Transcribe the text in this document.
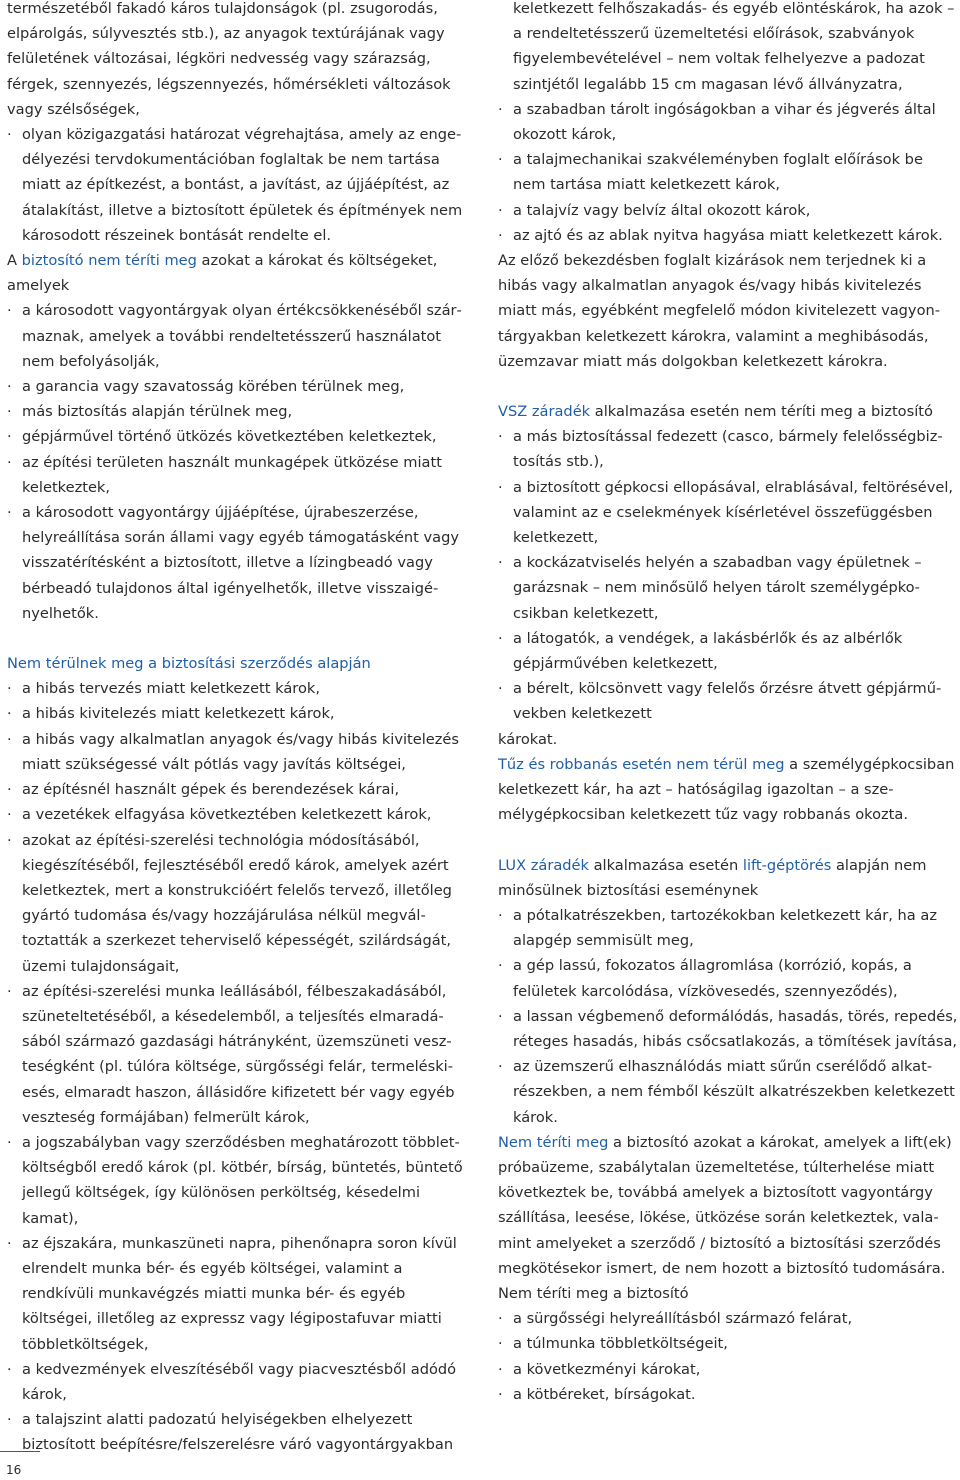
természetéből fakadó káros tulajdonságok (pl. zsugorodás, elpárolgás, súlyvesztés stb.), az anyagok textúrájának vagy felületének változásai, légköri nedvesség vagy szárazság, férgek, szennyezés, légszennyezés, hőmérsékleti változások vagy szélsőségek,

· olyan közigazgatási határozat végrehajtása, amely az engedélyezési tervdokumentációban foglaltak be nem tartása miatt az építkezést, a bontást, a javítást, az újjáépítést, az átalakítást, illetve a biztosított épületek és építmények nem károsodott részeinek bontását rendelte el.

A biztosító nem téríti meg azokat a károkat és költségeket, amelyek

· a károsodott vagyontárgyak olyan értékcsökkenéséből származnak, amelyek a további rendeltetésszerű használatot nem befolyásolják,
· a garancia vagy szavatosság körében térülnek meg,
· más biztosítás alapján térülnek meg,
· gépjárművel történő ütközés következtében keletkeztek,
· az építési területen használt munkagépek ütközése miatt keletkeztek,
· a károsodott vagyontárgy újjáépítése, újrabeszerzése, helyreállítása során állami vagy egyéb támogatásként vagy visszatérítésként a biztosított, illetve a lízingbeadó vagy bérbeadó tulajdonos által igényelhetők, illetve visszaigényelhetők.

Nem térülnek meg a biztosítási szerződés alapján

· a hibás tervezés miatt keletkezett károk,
· a hibás kivitelezés miatt keletkezett károk,
· a hibás vagy alkalmatlan anyagok és/vagy hibás kivitelezés miatt szükségessé vált pótlás vagy javítás költségei,
· az építésnél használt gépek és berendezések kárai,
· a vezetékek elfagyása következtében keletkezett károk,
· azokat az építési-szerelési technológia módosításából, kiegészítéséből, fejlesztéséből eredő károk, amelyek azért keletkeztek, mert a konstrukcióért felelős tervező, illetőleg gyártó tudomása és/vagy hozzájárulása nélkül megváltoztatták a szerkezet teherviselő képességét, szilárdságát, üzemi tulajdonságait,
· az építési-szerelési munka leállásából, félbeszakadásából, szüneteltetéséből, a késedelemből, a teljesítés elmaradásából származó gazdasági hátrányként, üzemszüneti veszteségként (pl. túlóra költsége, sürgősségi felár, termeléskiesés, elmaradt haszon, állásidőre kifizetett bér vagy egyéb veszteség formájában) felmerült károk,
· a jogszabályban vagy szerződésben meghatározott többletköltségből eredő károk (pl. kötbér, bírság, büntetés, büntető jellegű költségek, így különösen perköltség, késedelmi kamat),
· az éjszakára, munkaszüneti napra, pihenőnapra soron kívül elrendelt munka bér- és egyéb költségei, valamint a rendkívüli munkavégzés miatti munka bér- és egyéb költségei, illetőleg az expressz vagy légipostafuvar miatti többletköltségek,
· a kedvezmények elveszítéséből vagy piacvesztésből adódó károk,
· a talajszint alatti padozatú helyiségekben elhelyezett biztosított beépítésre/felszerelésre váró vagyontárgyakban
keletkezett felhőszakadás- és egyéb elöntéskárok, ha azok – a rendeltetésszerű üzemeltetési előírások, szabványok figyelembevételével – nem voltak felhelyezve a padozat szintjétől legalább 15 cm magasan lévő állványzatra,
· a szabadban tárolt ingóságokban a vihar és jégverés által okozott károk,
· a talajmechanikai szakvéleményben foglalt előírások be nem tartása miatt keletkezett károk,
· a talajvíz vagy belvíz által okozott károk,
· az ajtó és az ablak nyitva hagyása miatt keletkezett károk.

Az előző bekezdésben foglalt kizárások nem terjednek ki a hibás vagy alkalmatlan anyagok és/vagy hibás kivitelezés miatt más, egyébként megfelelő módon kivitelezett vagyontárgyakban keletkezett károkra, valamint a meghibásodás, üzemzavar miatt más dolgokban keletkezett károkra.

VSZ záradék alkalmazása esetén nem téríti meg a biztosító

· a más biztosítással fedezett (casco, bármely felelősségbiztosítás stb.),
· a biztosított gépkocsi ellopásával, elrablásával, feltörésével, valamint az e cselekmények kísérletével összefüggésben keletkezett,
· a kockázatviselés helyén a szabadban vagy épületnek – garázsnak – nem minősülő helyen tárolt személygépkocsikban keletkezett,
· a látogatók, a vendégek, a lakásbérlők és az albérlők gépjárművében keletkezett,
· a bérelt, kölcsönvett vagy felelős őrzésre átvett gépjárművekben keletkezett

károkat.

Tűz és robbanás esetén nem térül meg a személygépkocsiban keletkezett kár, ha azt – hatóságilag igazoltan – a személygépkocsiban keletkezett tűz vagy robbanás okozta.

LUX záradék alkalmazása esetén lift-géptörés alapján nem minősülnek biztosítási eseménynek

· a pótalkatrészekben, tartozékokban keletkezett kár, ha az alapgép semmisült meg,
· a gép lassú, fokozatos állagromlása (korrózió, kopás, a felületek karcolódása, vízkövesedés, szennyeződés),
· a lassan végbemenő deformálódás, hasadás, törés, repedés, réteges hasadás, hibás csőcsatlakozás, a tömítések javítása,
· az üzemszerű elhasználódás miatt sűrűn cserélődő alkatrészekben, a nem fémből készült alkatrészekben keletkezett károk.

Nem téríti meg a biztosító azokat a károkat, amelyek a lift(ek) próbaüzeme, szabálytalan üzemeltetése, túlterhelése miatt következtek be, továbbá amelyek a biztosított vagyontárgy szállítása, leesése, lökése, ütközése során keletkeztek, valamint amelyeket a szerződő / biztosító a biztosítási szerződés megkötésekor ismert, de nem hozott a biztosító tudomására.

Nem téríti meg a biztosító

· a sürgősségi helyreállításból származó felárat,
· a túlmunka többletköltségeit,
· a következményi károkat,
· a kötbéreket, bírságokat.
16
